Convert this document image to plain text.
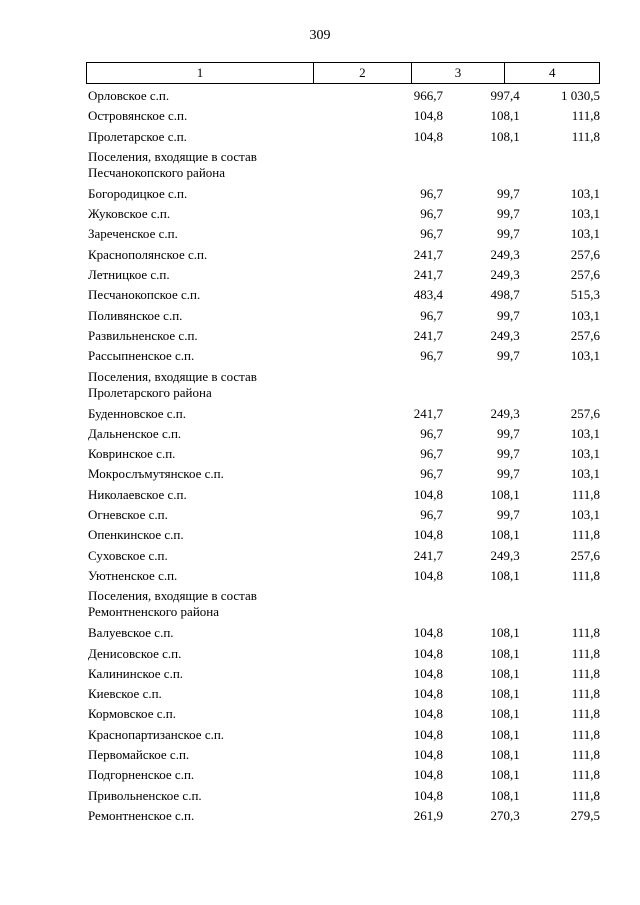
309
1	2	3	4
Орловское с.п.	966,7	997,4	1 030,5
Островянское с.п.	104,8	108,1	111,8
Пролетарское с.п.	104,8	108,1	111,8
Поселения, входящие в состав
Песчанокопского района
Богородицкое с.п.	96,7	99,7	103,1
Жуковское с.п.	96,7	99,7	103,1
Зареченское с.п.	96,7	99,7	103,1
Краснополянское с.п.	241,7	249,3	257,6
Летницкое с.п.	241,7	249,3	257,6
Песчанокопское с.п.	483,4	498,7	515,3
Поливянское с.п.	96,7	99,7	103,1
Развильненское с.п.	241,7	249,3	257,6
Рассыпненское с.п.	96,7	99,7	103,1
Поселения, входящие в состав
Пролетарского района
Буденновское с.п.	241,7	249,3	257,6
Дальненское с.п.	96,7	99,7	103,1
Ковринское с.п.	96,7	99,7	103,1
Мокрослъмутянское с.п.	96,7	99,7	103,1
Николаевское с.п.	104,8	108,1	111,8
Огневское с.п.	96,7	99,7	103,1
Опенкинское с.п.	104,8	108,1	111,8
Суховское с.п.	241,7	249,3	257,6
Уютненское с.п.	104,8	108,1	111,8
Поселения, входящие в состав
Ремонтненского района
Валуевское с.п.	104,8	108,1	111,8
Денисовское с.п.	104,8	108,1	111,8
Калининское с.п.	104,8	108,1	111,8
Киевское с.п.	104,8	108,1	111,8
Кормовское с.п.	104,8	108,1	111,8
Краснопартизанское с.п.	104,8	108,1	111,8
Первомайское с.п.	104,8	108,1	111,8
Подгорненское с.п.	104,8	108,1	111,8
Привольненское с.п.	104,8	108,1	111,8
Ремонтненское с.п.	261,9	270,3	279,5
